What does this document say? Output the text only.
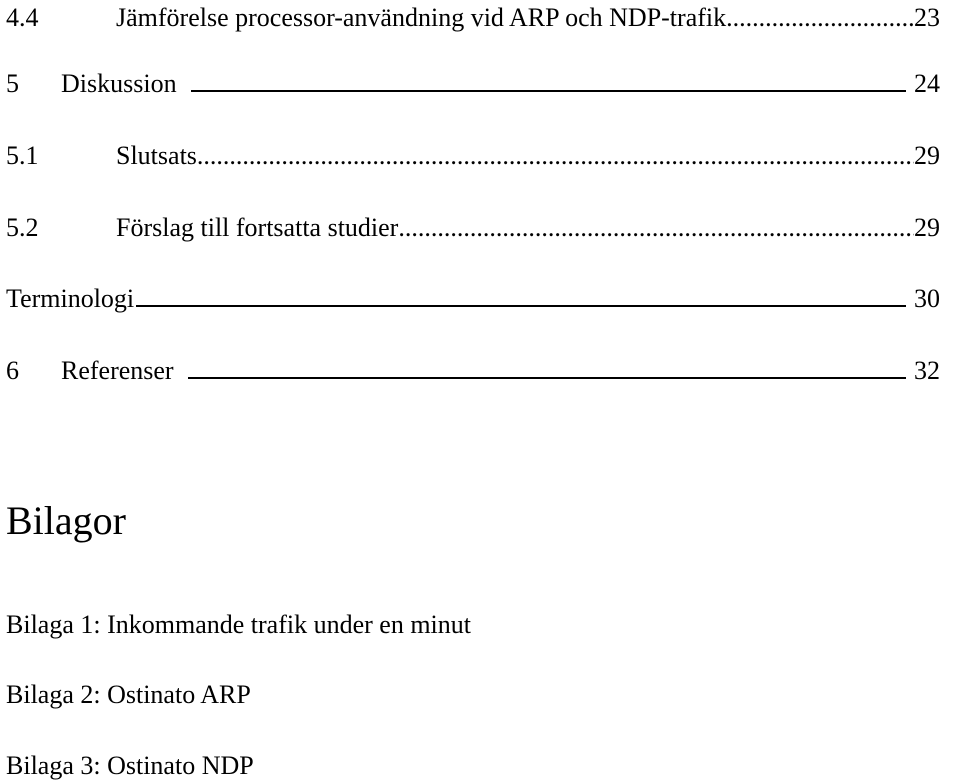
4.4	Jämförelse processor-användning vid ARP och NDP-trafik .....	23
5	Diskussion	24
5.1	Slutsats .....	29
5.2	Förslag till fortsatta studier .....	29
Terminologi	30
6	Referenser	32
Bilagor
Bilaga 1: Inkommande trafik under en minut
Bilaga 2: Ostinato ARP
Bilaga 3: Ostinato NDP
